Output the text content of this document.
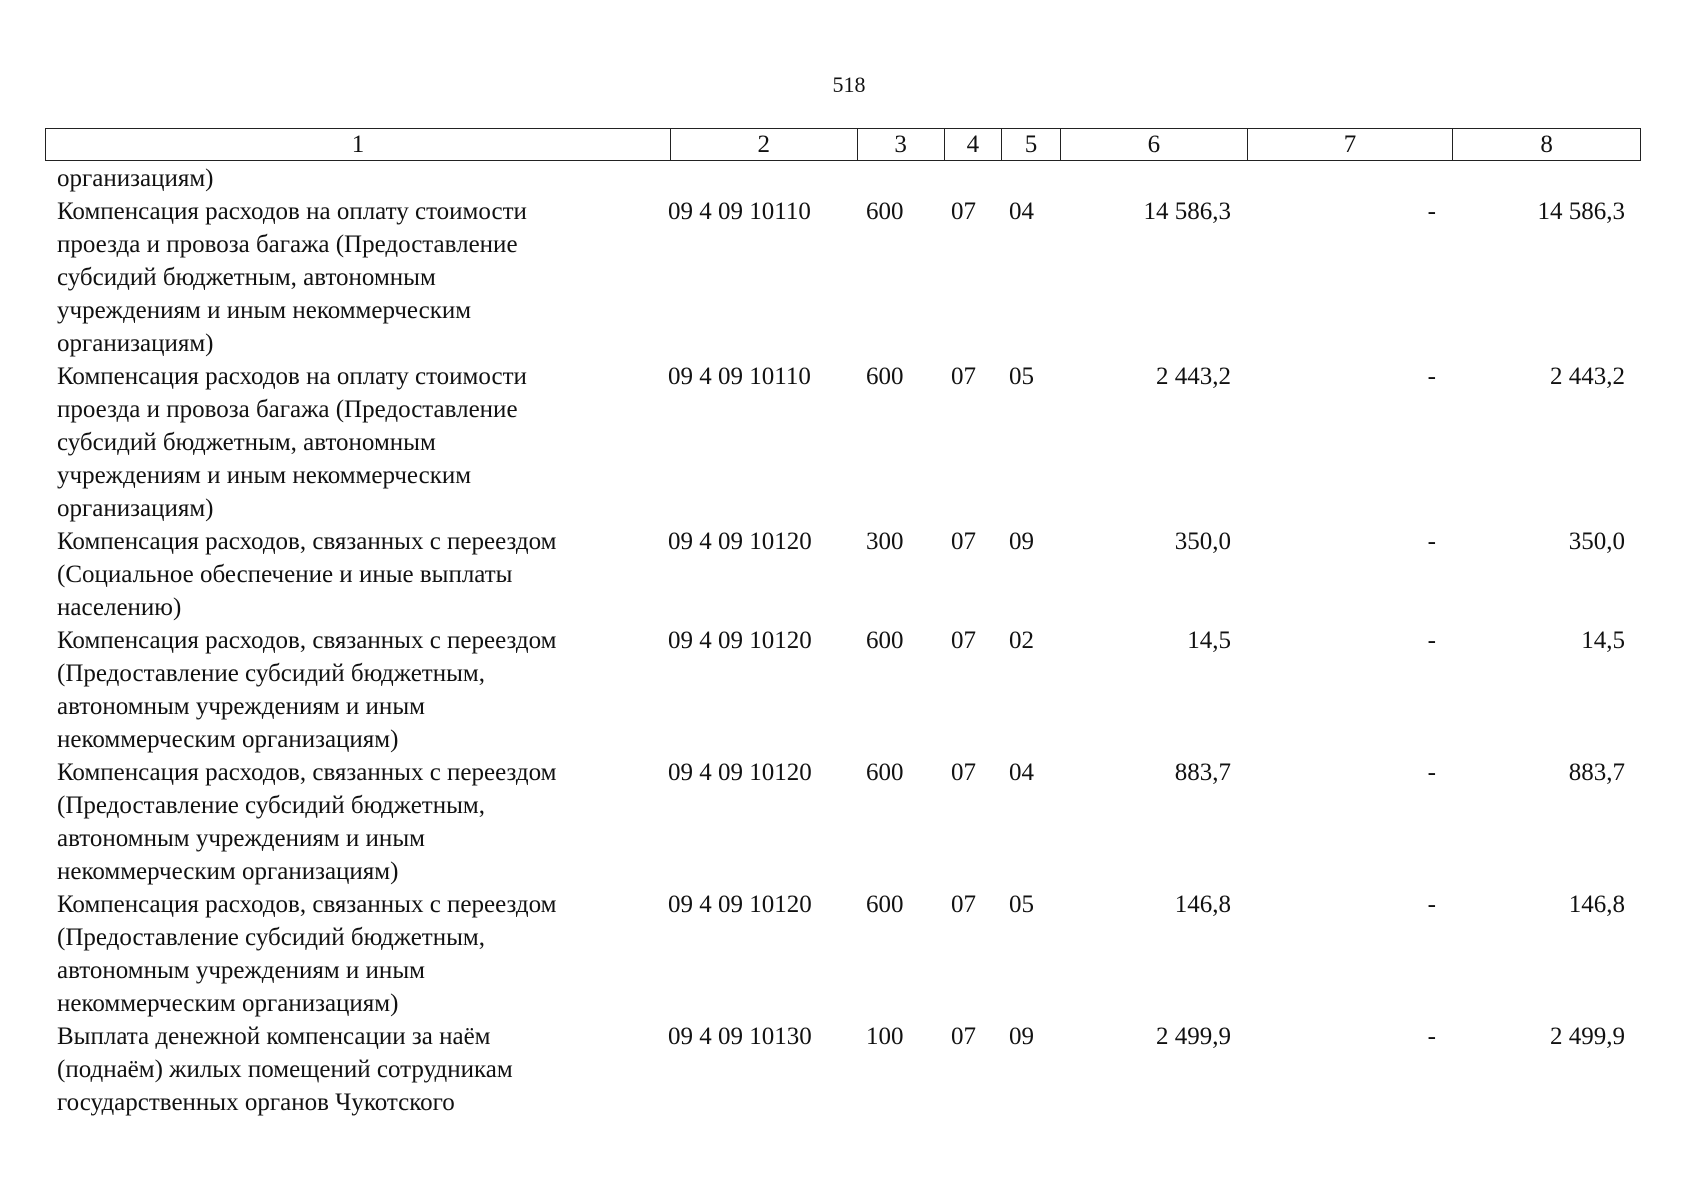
518
1	2	3	4	5	6	7	8
организациям)
Компенсация расходов на оплату стоимости
проезда и провоза багажа (Предоставление
субсидий бюджетным, автономным
учреждениям и иным некоммерческим
организациям)
09 4 09 10110	600	07	04	14 586,3	-	14 586,3
Компенсация расходов на оплату стоимости
проезда и провоза багажа (Предоставление
субсидий бюджетным, автономным
учреждениям и иным некоммерческим
организациям)
09 4 09 10110	600	07	05	2 443,2	-	2 443,2
Компенсация расходов, связанных с переездом
(Социальное обеспечение и иные выплаты
населению)
09 4 09 10120	300	07	09	350,0	-	350,0
Компенсация расходов, связанных с переездом
(Предоставление субсидий бюджетным,
автономным учреждениям и иным
некоммерческим организациям)
09 4 09 10120	600	07	02	14,5	-	14,5
Компенсация расходов, связанных с переездом
(Предоставление субсидий бюджетным,
автономным учреждениям и иным
некоммерческим организациям)
09 4 09 10120	600	07	04	883,7	-	883,7
Компенсация расходов, связанных с переездом
(Предоставление субсидий бюджетным,
автономным учреждениям и иным
некоммерческим организациям)
09 4 09 10120	600	07	05	146,8	-	146,8
Выплата денежной компенсации за наём
(поднаём) жилых помещений сотрудникам
государственных органов Чукотского
09 4 09 10130	100	07	09	2 499,9	-	2 499,9
